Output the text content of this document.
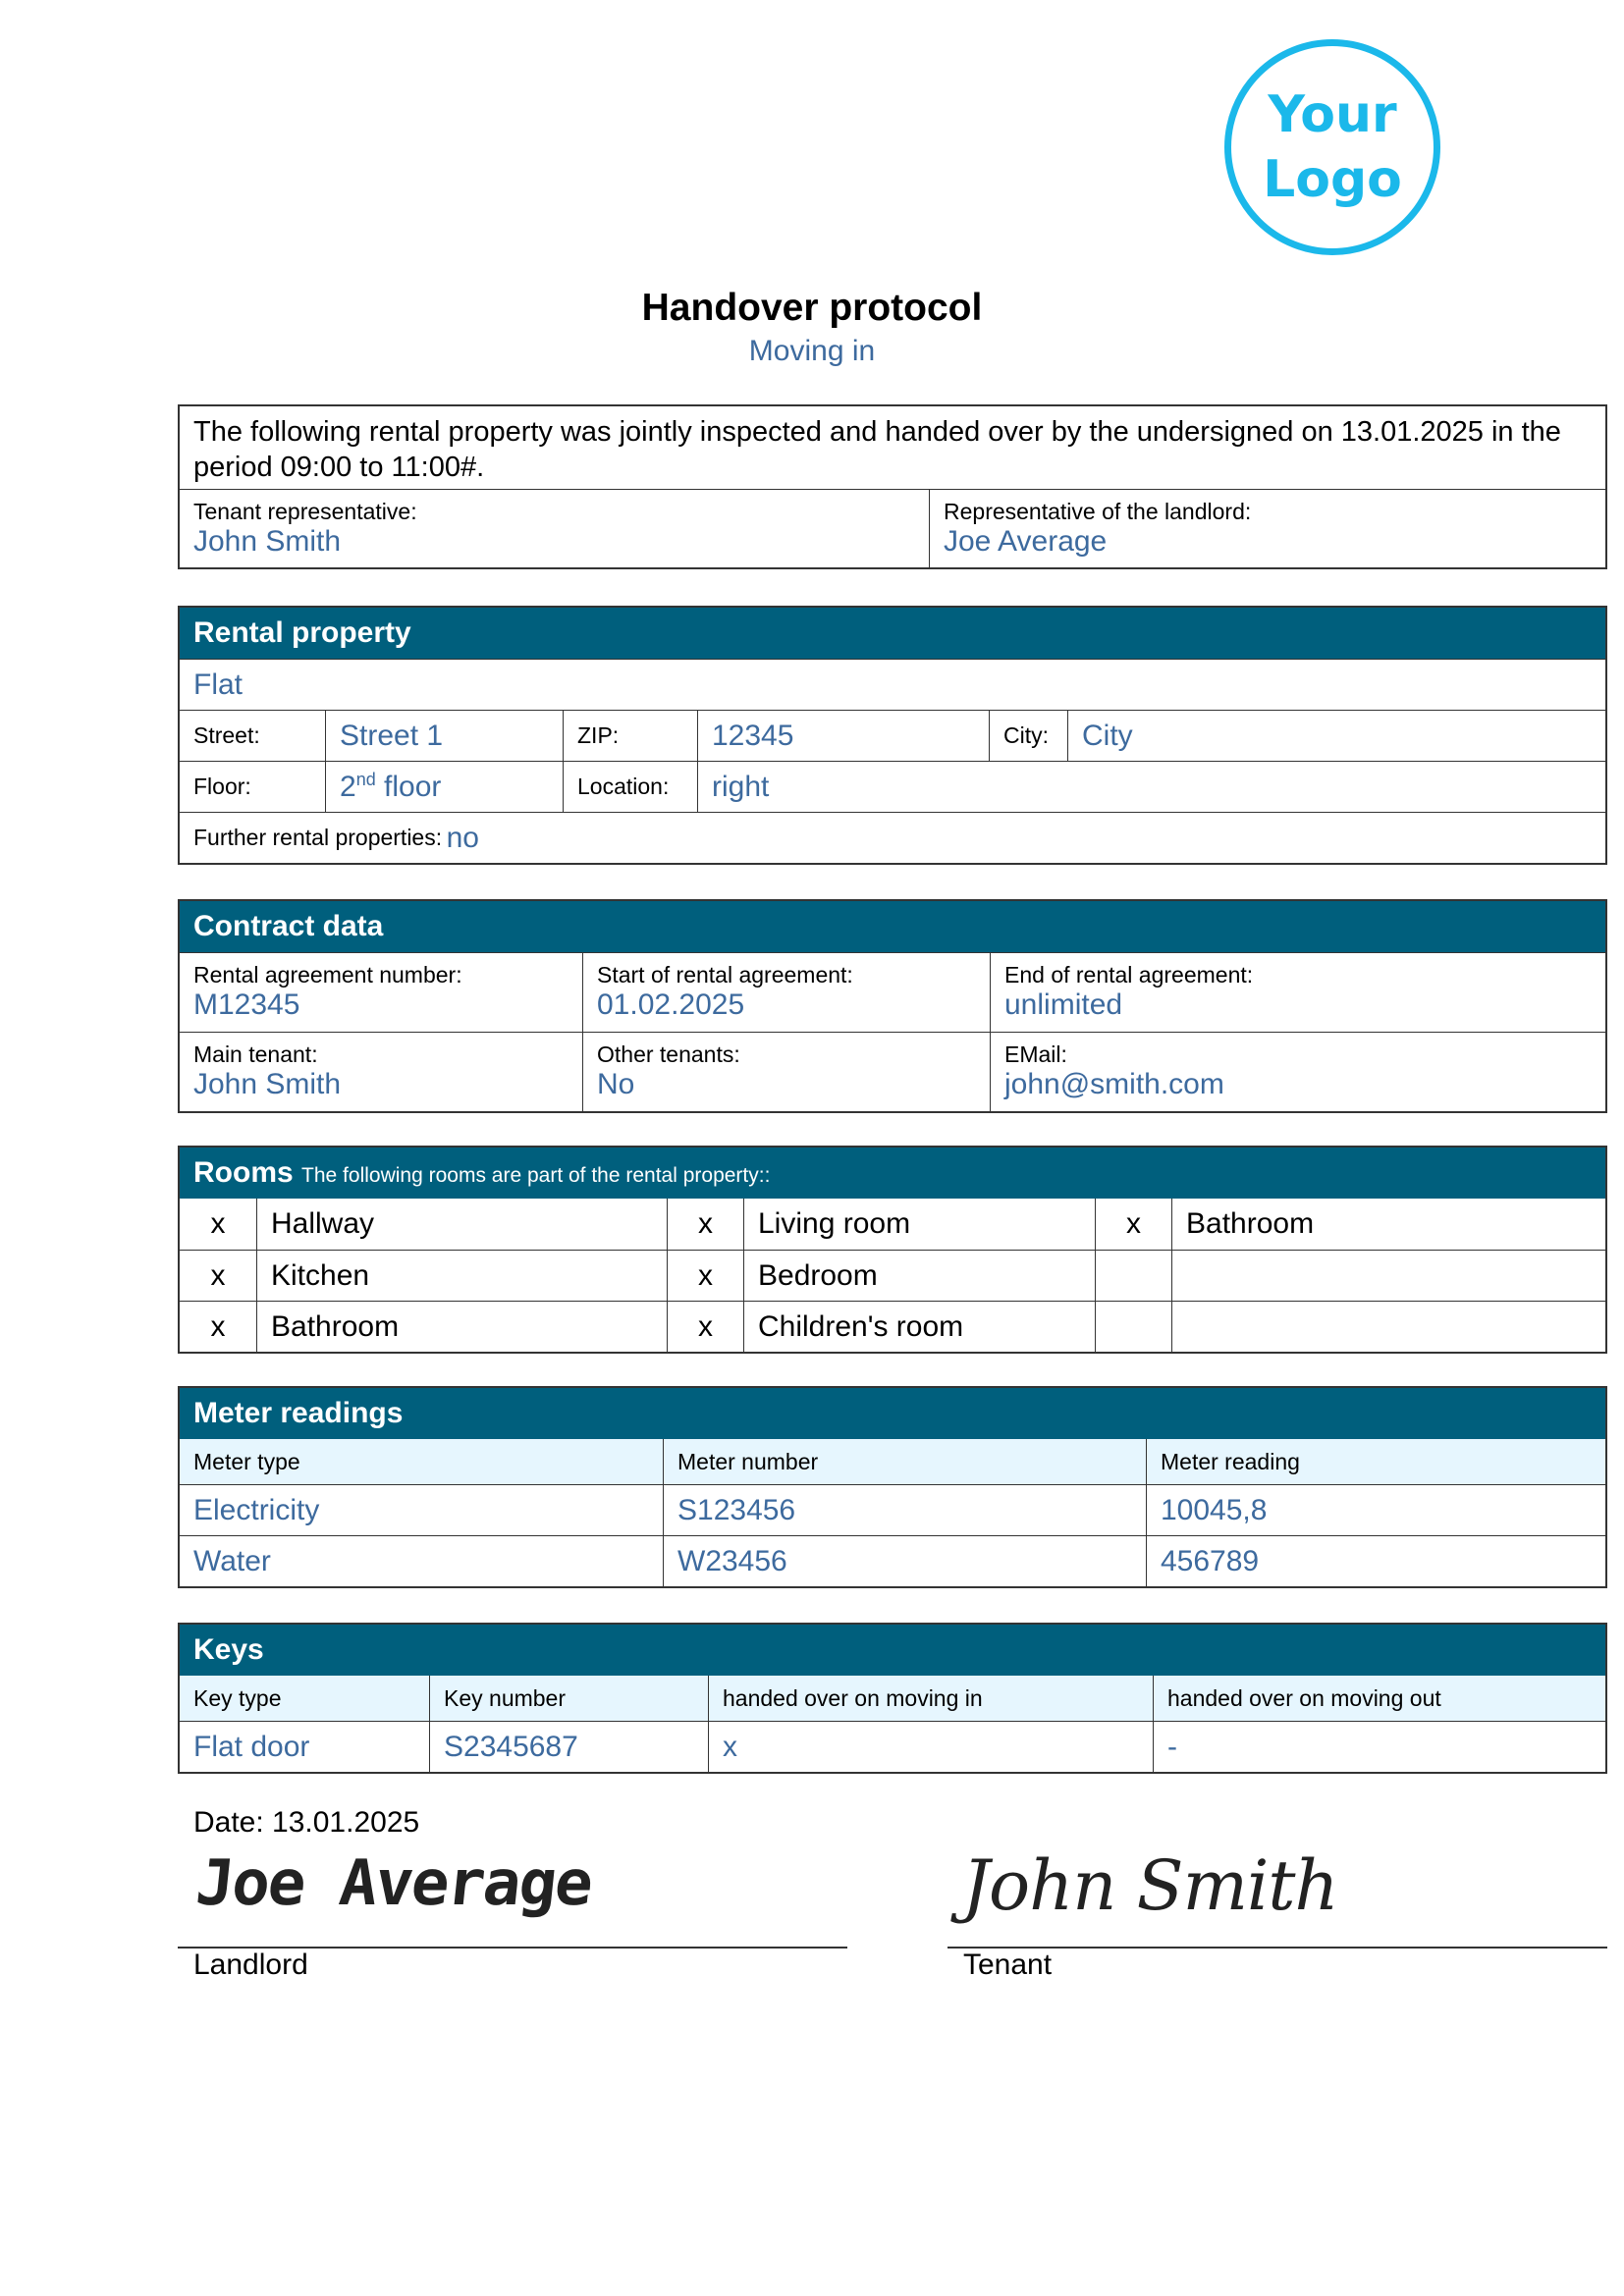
Your
Logo
Handover protocol
Moving in
The following rental property was jointly inspected and handed over by the undersigned on 13.01.2025 in the period 09:00 to 11:00#.
Tenant representative:
John Smith
Representative of the landlord:
Joe Average
Rental property
Flat
Street:	Street 1	ZIP:	12345	City: City
Floor:	2nd floor	Location: right
Further rental properties:
no
Contract data
Rental agreement number:
M12345
Start of rental agreement:
01.02.2025
End of rental agreement:
unlimited
Main tenant:
John Smith
Other tenants:
No
EMail:
john@smith.com
Rooms The following rooms are part of the rental property::
x	Hallway	x	Living room	x	Bathroom
x	Kitchen	x	Bedroom
x	Bathroom	x	Children's room
Meter readings
Meter type	Meter number	Meter reading
Electricity	S123456	10045,8
Water	W23456	456789
Keys
Key type	Key number	handed over on moving in	handed over on moving out
Flat door	S2345687	x	-
Date: 13.01.2025
Joe Average	John Smith
Landlord	Tenant
